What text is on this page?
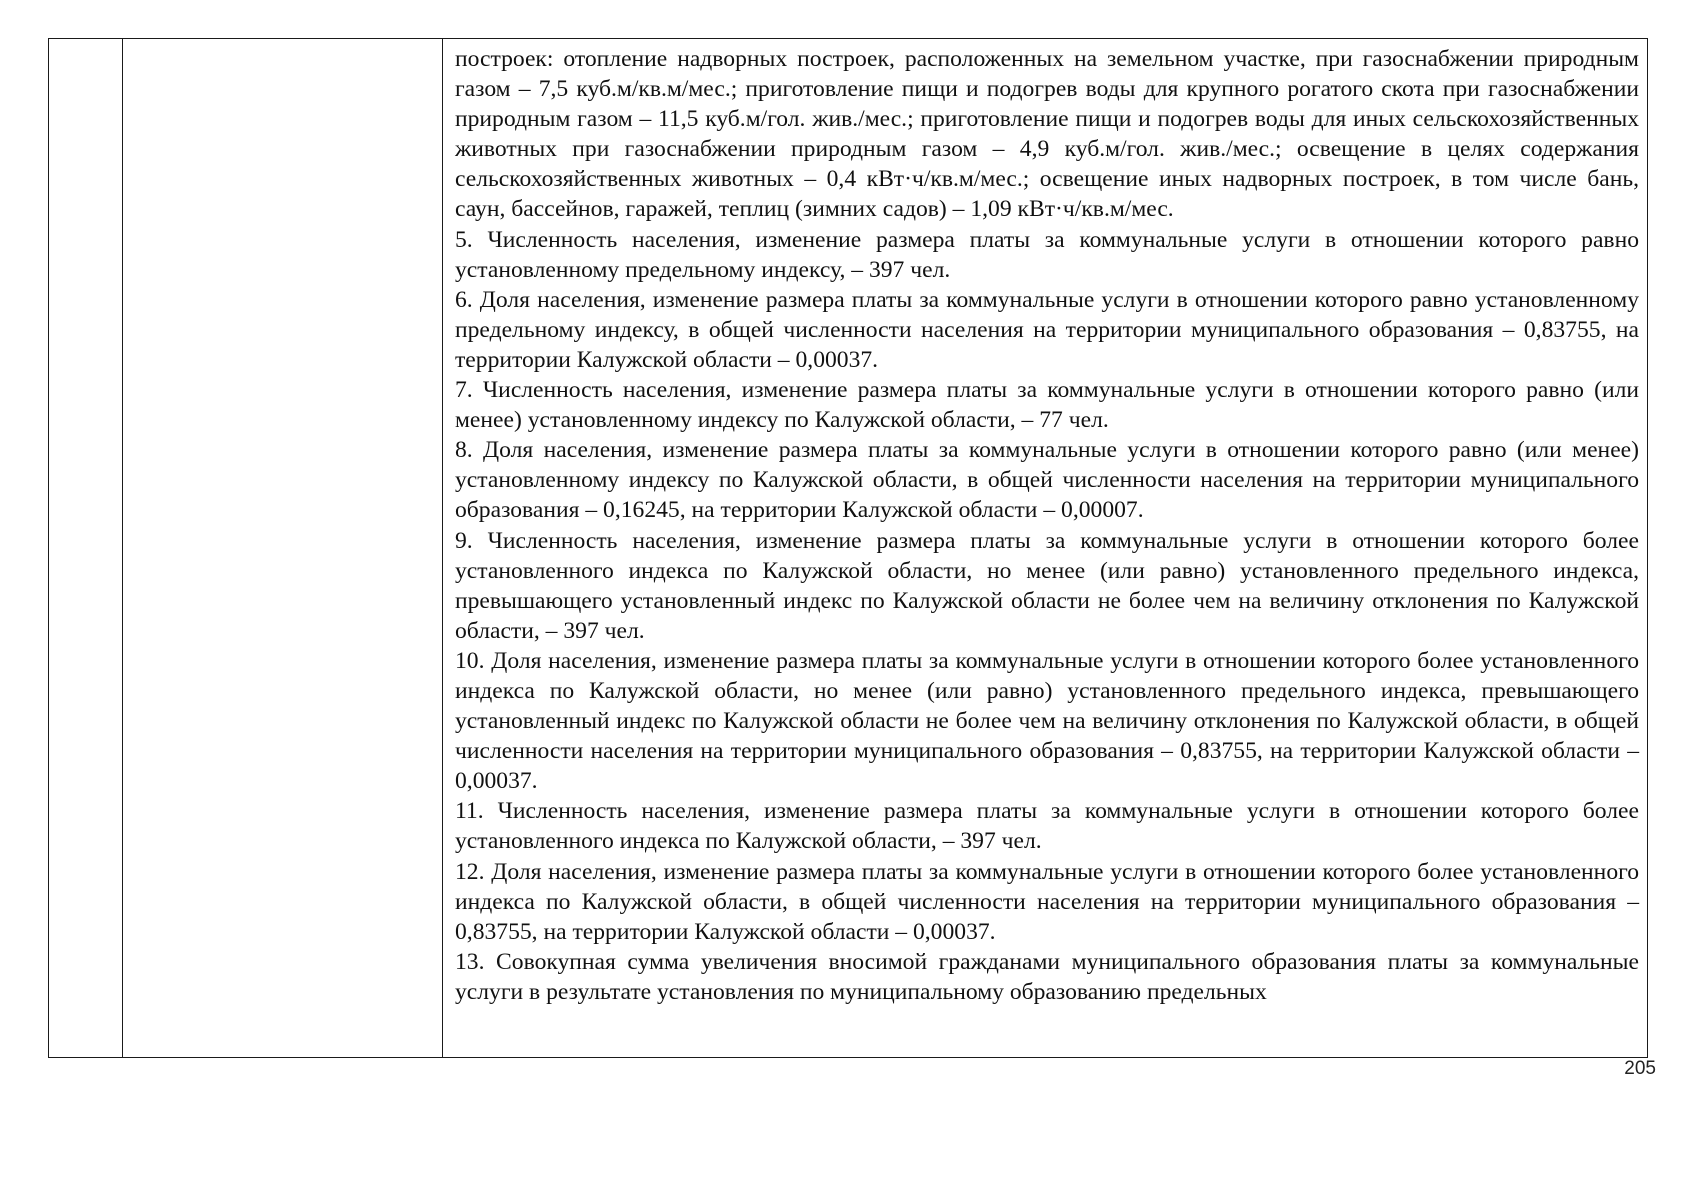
построек: отопление надворных построек, расположенных на земельном участке, при газоснабжении природным газом – 7,5 куб.м/кв.м/мес.; приготовление пищи и подогрев воды для крупного рогатого скота при газоснабжении природным газом – 11,5 куб.м/гол. жив./мес.; приготовление пищи и подогрев воды для иных сельскохозяйственных животных при газоснабжении природным газом – 4,9 куб.м/гол. жив./мес.; освещение в целях содержания сельскохозяйственных животных – 0,4 кВт·ч/кв.м/мес.; освещение иных надворных построек, в том числе бань, саун, бассейнов, гаражей, теплиц (зимних садов) – 1,09 кВт·ч/кв.м/мес.

5. Численность населения, изменение размера платы за коммунальные услуги в отношении которого равно установленному предельному индексу, – 397 чел.

6. Доля населения, изменение размера платы за коммунальные услуги в отношении которого равно установленному предельному индексу, в общей численности населения на территории муниципального образования – 0,83755, на территории Калужской области – 0,00037.

7. Численность населения, изменение размера платы за коммунальные услуги в отношении которого равно (или менее) установленному индексу по Калужской области, – 77 чел.

8. Доля населения, изменение размера платы за коммунальные услуги в отношении которого равно (или менее) установленному индексу по Калужской области, в общей численности населения на территории муниципального образования – 0,16245, на территории Калужской области – 0,00007.

9. Численность населения, изменение размера платы за коммунальные услуги в отношении которого более установленного индекса по Калужской области, но менее (или равно) установленного предельного индекса, превышающего установленный индекс по Калужской области не более чем на величину отклонения по Калужской области, – 397 чел.

10. Доля населения, изменение размера платы за коммунальные услуги в отношении которого более установленного индекса по Калужской области, но менее (или равно) установленного предельного индекса, превышающего установленный индекс по Калужской области не более чем на величину отклонения по Калужской области, в общей численности населения на территории муниципального образования – 0,83755, на территории Калужской области – 0,00037.

11. Численность населения, изменение размера платы за коммунальные услуги в отношении которого более установленного индекса по Калужской области, – 397 чел.

12. Доля населения, изменение размера платы за коммунальные услуги в отношении которого более установленного индекса по Калужской области, в общей численности населения на территории муниципального образования – 0,83755, на территории Калужской области – 0,00037.

13. Совокупная сумма увеличения вносимой гражданами муниципального образования платы за коммунальные услуги в результате установления по муниципальному образованию предельных

205
